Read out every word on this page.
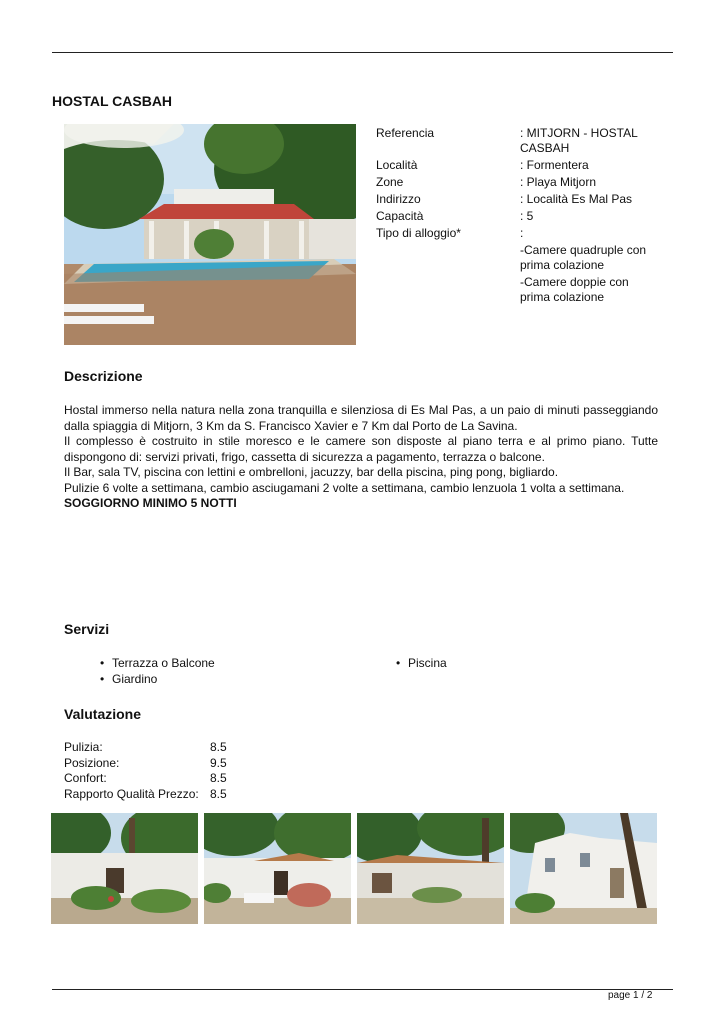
HOSTAL CASBAH
Referencia	: MITJORN - HOSTAL CASBAH
Località	: Formentera
Zone	: Playa Mitjorn
Indirizzo	: Località Es Mal Pas
Capacità	: 5
Tipo di alloggio*	:
-Camere quadruple con prima colazione
-Camere doppie con prima colazione
Descrizione

Hostal immerso nella natura nella zona tranquilla e silenziosa di Es Mal Pas, a un paio di minuti passeggiando dalla spiaggia di Mitjorn, 3 Km da S. Francisco Xavier e 7 Km dal Porto de La Savina.

Il complesso è costruito in stile moresco e le camere son disposte al piano terra e al primo piano. Tutte dispongono di: servizi privati, frigo, cassetta di sicurezza a pagamento, terrazza o balcone.

Il Bar, sala TV, piscina con lettini e ombrelloni, jacuzzy, bar della piscina, ping pong, bigliardo.

Pulizie 6 volte a settimana, cambio asciugamani 2 volte a settimana, cambio lenzuola 1 volta a settimana.

SOGGIORNO MINIMO 5 NOTTI

Servizi
• Terrazza o Balcone
• Giardino
• Piscina
Valutazione
Pulizia:	8.5
Posizione:	9.5
Confort:	8.5
Rapporto Qualità Prezzo: 8.5
page 1 / 2
